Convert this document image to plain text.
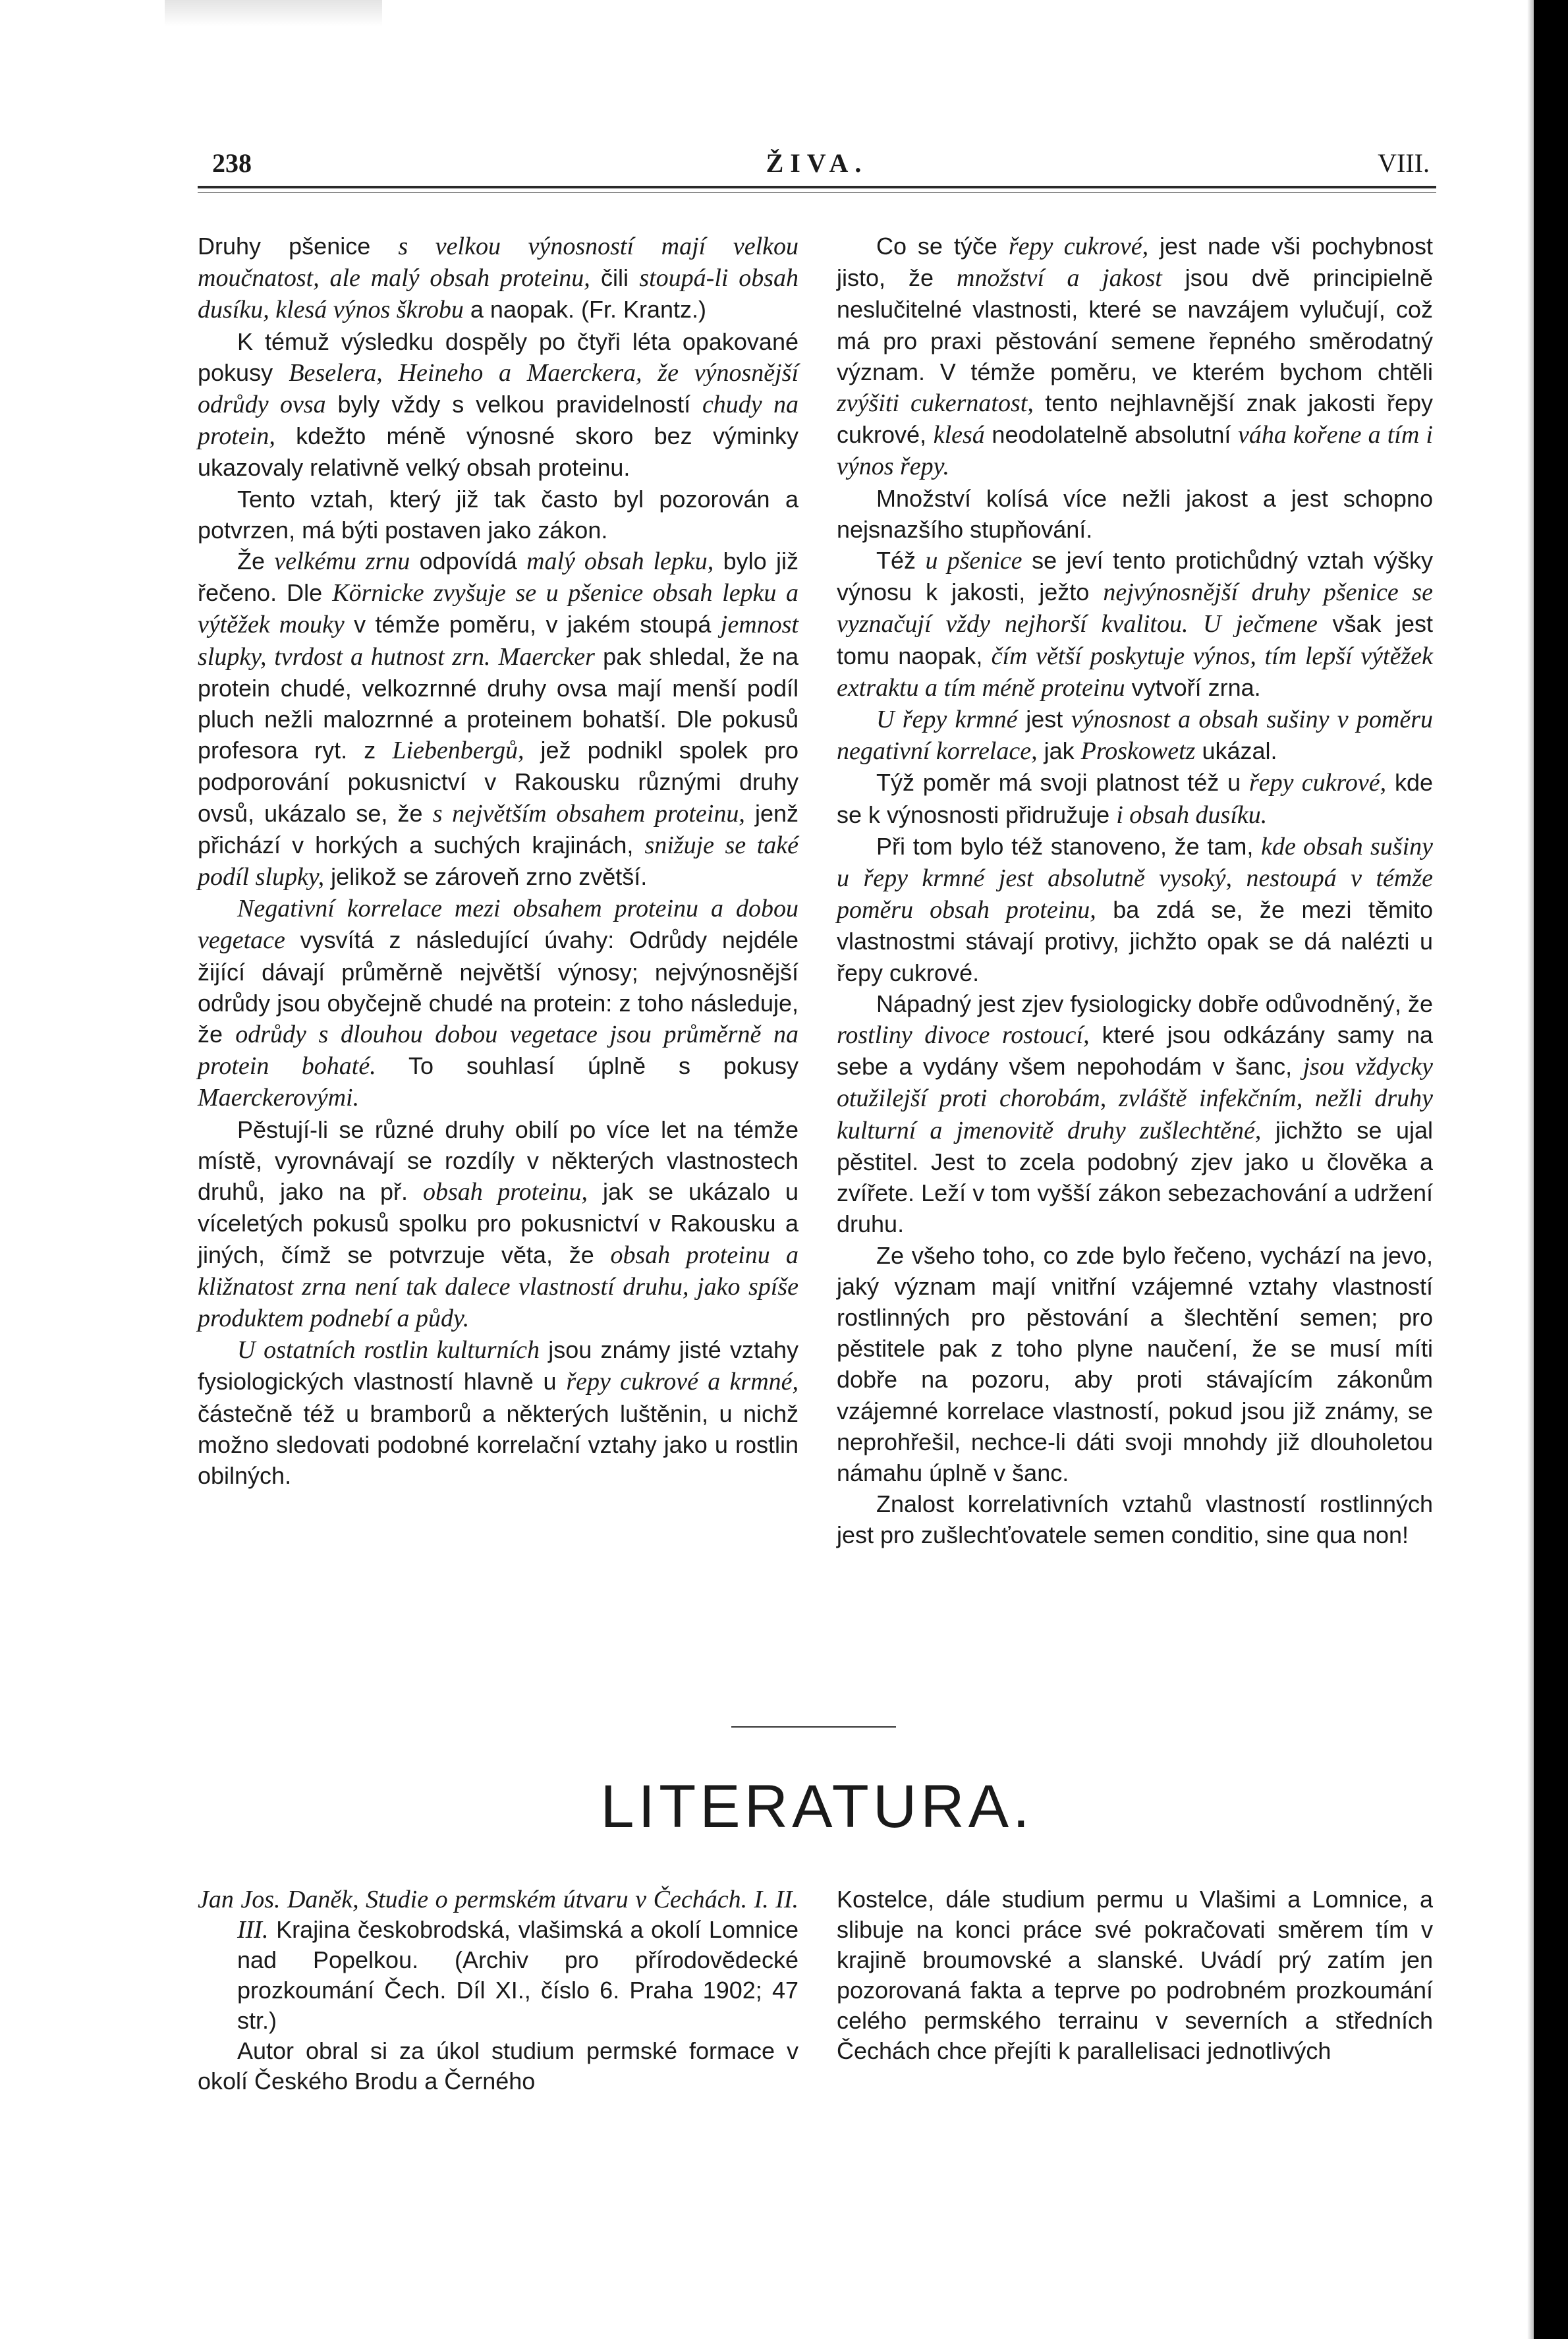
238	ŽIVA.	VIII.

Druhy pšenice s velkou výnosností mají velkou moučnatost, ale malý obsah proteinu, čili stoupá-li obsah dusíku, klesá výnos škrobu a naopak. (Fr. Krantz.)

K témuž výsledku dospěly po čtyři léta opakované pokusy Beselera, Heineho a Maerckera, že výnosnější odrůdy ovsa byly vždy s velkou pravidelností chudy na protein, kdežto méně výnosné skoro bez výminky ukazovaly relativně velký obsah proteinu.

Tento vztah, který již tak často byl pozorován a potvrzen, má býti postaven jako zákon.

Že velkému zrnu odpovídá malý obsah lepku, bylo již řečeno. Dle Körnicke zvyšuje se u pšenice obsah lepku a výtěžek mouky v témže poměru, v jakém stoupá jemnost slupky, tvrdost a hutnost zrn. Maercker pak shledal, že na protein chudé, velkozrnné druhy ovsa mají menší podíl pluch nežli malozrnné a proteinem bohatší. Dle pokusů profesora ryt. z Liebenbergů, jež podnikl spolek pro podporování pokusnictví v Rakousku různými druhy ovsů, ukázalo se, že s největším obsahem proteinu, jenž přichází v horkých a suchých krajinách, snižuje se také podíl slupky, jelikož se zároveň zrno zvětší.

Negativní korrelace mezi obsahem proteinu a dobou vegetace vysvítá z následující úvahy: Odrůdy nejdéle žijící dávají průměrně největší výnosy; nejvýnosnější odrůdy jsou obyčejně chudé na protein: z toho následuje, že odrůdy s dlouhou dobou vegetace jsou průměrně na protein bohaté. To souhlasí úplně s pokusy Maerckerovými.

Pěstují-li se různé druhy obilí po více let na témže místě, vyrovnávají se rozdíly v některých vlastnostech druhů, jako na př. obsah proteinu, jak se ukázalo u víceletých pokusů spolku pro pokusnictví v Rakousku a jiných, čímž se potvrzuje věta, že obsah proteinu a kližnatost zrna není tak dalece vlastností druhu, jako spíše produktem podnebí a půdy.

U ostatních rostlin kulturních jsou známy jisté vztahy fysiologických vlastností hlavně u řepy cukrové a krmné, částečně též u bramborů a některých luštěnin, u nichž možno sledovati podobné korrelační vztahy jako u rostlin obilných.

Co se týče řepy cukrové, jest nade vši pochybnost jisto, že množství a jakost jsou dvě principielně neslučitelné vlastnosti, které se navzájem vylučují, což má pro praxi pěstování semene řepného směrodatný význam. V témže poměru, ve kterém bychom chtěli zvýšiti cukernatost, tento nejhlavnější znak jakosti řepy cukrové, klesá neodolatelně absolutní váha kořene a tím i výnos řepy.

Množství kolísá více nežli jakost a jest schopno nejsnazšího stupňování.

Též u pšenice se jeví tento protichůdný vztah výšky výnosu k jakosti, ježto nejvýnosnější druhy pšenice se vyznačují vždy nejhorší kvalitou. U ječmene však jest tomu naopak, čím větší poskytuje výnos, tím lepší výtěžek extraktu a tím méně proteinu vytvoří zrna.

U řepy krmné jest výnosnost a obsah sušiny v poměru negativní korrelace, jak Proskowetz ukázal.

Týž poměr má svoji platnost též u řepy cukrové, kde se k výnosnosti přidružuje i obsah dusíku.

Při tom bylo též stanoveno, že tam, kde obsah sušiny u řepy krmné jest absolutně vysoký, nestoupá v témže poměru obsah proteinu, ba zdá se, že mezi těmito vlastnostmi stávají protivy, jichžto opak se dá nalézti u řepy cukrové.

Nápadný jest zjev fysiologicky dobře odůvodněný, že rostliny divoce rostoucí, které jsou odkázány samy na sebe a vydány všem nepohodám v šanc, jsou vždycky otužilejší proti chorobám, zvláště infekčním, nežli druhy kulturní a jmenovitě druhy zušlechtěné, jichžto se ujal pěstitel. Jest to zcela podobný zjev jako u člověka a zvířete. Leží v tom vyšší zákon sebezachování a udržení druhu.

Ze všeho toho, co zde bylo řečeno, vychází na jevo, jaký význam mají vnitřní vzájemné vztahy vlastností rostlinných pro pěstování a šlechtění semen; pro pěstitele pak z toho plyne naučení, že se musí míti dobře na pozoru, aby proti stávajícím zákonům vzájemné korrelace vlastností, pokud jsou již známy, se neprohřešil, nechce-li dáti svoji mnohdy již dlouholetou námahu úplně v šanc.

Znalost korrelativních vztahů vlastností rostlinných jest pro zušlechťovatele semen conditio, sine qua non!

LITERATURA.

Jan Jos. Daněk, Studie o permském útvaru v Čechách. I. II. III. Krajina českobrodská, vlašimská a okolí Lomnice nad Popelkou. (Archiv pro přírodovědecké prozkoumání Čech. Díl XI., číslo 6. Praha 1902; 47 str.)

Autor obral si za úkol studium permské formace v okolí Českého Brodu a Černého

Kostelce, dále studium permu u Vlašimi a Lomnice, a slibuje na konci práce své pokračovati směrem tím v krajině broumovské a slanské. Uvádí prý zatím jen pozorovaná fakta a teprve po podrobném prozkoumání celého permského terrainu v severních a středních Čechách chce přejíti k parallelisaci jednotlivých
